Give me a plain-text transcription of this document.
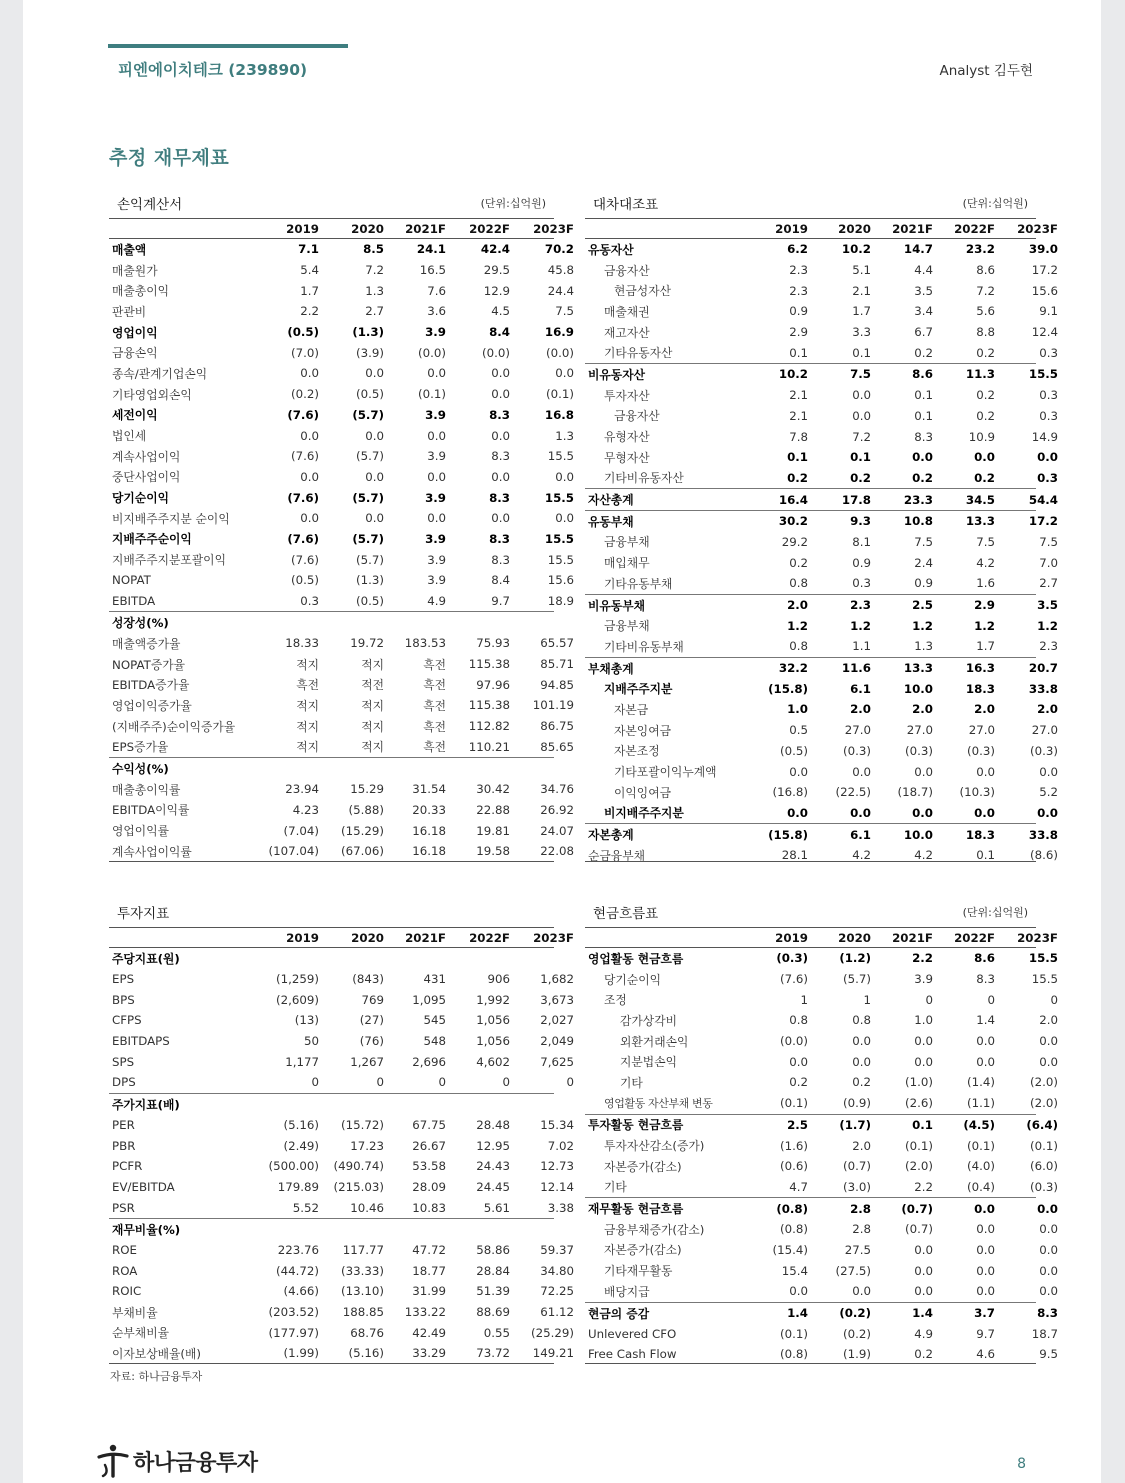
피엔에이치테크 (239890)	Analyst 김두현
추정 재무제표
손익계산서	(단위:십억원)
2019	2020	2021F	2022F	2023F
매출액	7.1	8.5	24.1	42.4	70.2
매출원가	5.4	7.2	16.5	29.5	45.8
매출총이익	1.7	1.3	7.6	12.9	24.4
판관비	2.2	2.7	3.6	4.5	7.5
영업이익	(0.5)	(1.3)	3.9	8.4	16.9
금융손익	(7.0)	(3.9)	(0.0)	(0.0)	(0.0)
종속/관계기업손익	0.0	0.0	0.0	0.0	0.0
기타영업외손익	(0.2)	(0.5)	(0.1)	0.0	(0.1)
세전이익	(7.6)	(5.7)	3.9	8.3	16.8
법인세	0.0	0.0	0.0	0.0	1.3
계속사업이익	(7.6)	(5.7)	3.9	8.3	15.5
중단사업이익	0.0	0.0	0.0	0.0	0.0
당기순이익	(7.6)	(5.7)	3.9	8.3	15.5
비지배주주지분 순이익	0.0	0.0	0.0	0.0	0.0
지배주주순이익	(7.6)	(5.7)	3.9	8.3	15.5
지배주주지분포괄이익	(7.6)	(5.7)	3.9	8.3	15.5
NOPAT	(0.5)	(1.3)	3.9	8.4	15.6
EBITDA	0.3	(0.5)	4.9	9.7	18.9
성장성(%)
매출액증가율	18.33	19.72	183.53	75.93	65.57
NOPAT증가율	적지	적지	흑전	115.38	85.71
EBITDA증가율	흑전	적전	흑전	97.96	94.85
영업이익증가율	적지	적지	흑전	115.38	101.19
(지배주주)순이익증가율	적지	적지	흑전	112.82	86.75
EPS증가율	적지	적지	흑전	110.21	85.65
수익성(%)
매출총이익률	23.94	15.29	31.54	30.42	34.76
EBITDA이익률	4.23	(5.88)	20.33	22.88	26.92
영업이익률	(7.04)	(15.29)	16.18	19.81	24.07
계속사업이익률	(107.04)	(67.06)	16.18	19.58	22.08
대차대조표	(단위:십억원)
2019	2020	2021F	2022F	2023F
유동자산	6.2	10.2	14.7	23.2	39.0
금융자산	2.3	5.1	4.4	8.6	17.2
현금성자산	2.3	2.1	3.5	7.2	15.6
매출채권	0.9	1.7	3.4	5.6	9.1
재고자산	2.9	3.3	6.7	8.8	12.4
기타유동자산	0.1	0.1	0.2	0.2	0.3
비유동자산	10.2	7.5	8.6	11.3	15.5
투자자산	2.1	0.0	0.1	0.2	0.3
금융자산	2.1	0.0	0.1	0.2	0.3
유형자산	7.8	7.2	8.3	10.9	14.9
무형자산	0.1	0.1	0.0	0.0	0.0
기타비유동자산	0.2	0.2	0.2	0.2	0.3
자산총계	16.4	17.8	23.3	34.5	54.4
유동부채	30.2	9.3	10.8	13.3	17.2
금융부채	29.2	8.1	7.5	7.5	7.5
매입채무	0.2	0.9	2.4	4.2	7.0
기타유동부채	0.8	0.3	0.9	1.6	2.7
비유동부채	2.0	2.3	2.5	2.9	3.5
금융부채	1.2	1.2	1.2	1.2	1.2
기타비유동부채	0.8	1.1	1.3	1.7	2.3
부채총계	32.2	11.6	13.3	16.3	20.7
지배주주지분	(15.8)	6.1	10.0	18.3	33.8
자본금	1.0	2.0	2.0	2.0	2.0
자본잉여금	0.5	27.0	27.0	27.0	27.0
자본조정	(0.5)	(0.3)	(0.3)	(0.3)	(0.3)
기타포괄이익누계액	0.0	0.0	0.0	0.0	0.0
이익잉여금	(16.8)	(22.5)	(18.7)	(10.3)	5.2
비지배주주지분	0.0	0.0	0.0	0.0	0.0
자본총계	(15.8)	6.1	10.0	18.3	33.8
순금융부채	28.1	4.2	4.2	0.1	(8.6)
투자지표
2019	2020	2021F	2022F	2023F
주당지표(원)
EPS	(1,259)	(843)	431	906	1,682
BPS	(2,609)	769	1,095	1,992	3,673
CFPS	(13)	(27)	545	1,056	2,027
EBITDAPS	50	(76)	548	1,056	2,049
SPS	1,177	1,267	2,696	4,602	7,625
DPS	0	0	0	0	0
주가지표(배)
PER	(5.16)	(15.72)	67.75	28.48	15.34
PBR	(2.49)	17.23	26.67	12.95	7.02
PCFR	(500.00)	(490.74)	53.58	24.43	12.73
EV/EBITDA	179.89	(215.03)	28.09	24.45	12.14
PSR	5.52	10.46	10.83	5.61	3.38
재무비율(%)
ROE	223.76	117.77	47.72	58.86	59.37
ROA	(44.72)	(33.33)	18.77	28.84	34.80
ROIC	(4.66)	(13.10)	31.99	51.39	72.25
부채비율	(203.52)	188.85	133.22	88.69	61.12
순부채비율	(177.97)	68.76	42.49	0.55	(25.29)
이자보상배율(배)	(1.99)	(5.16)	33.29	73.72	149.21
현금흐름표	(단위:십억원)
2019	2020	2021F	2022F	2023F
영업활동 현금흐름	(0.3)	(1.2)	2.2	8.6	15.5
당기순이익	(7.6)	(5.7)	3.9	8.3	15.5
조정	1	1	0	0	0
감가상각비	0.8	0.8	1.0	1.4	2.0
외환거래손익	(0.0)	0.0	0.0	0.0	0.0
지분법손익	0.0	0.0	0.0	0.0	0.0
기타	0.2	0.2	(1.0)	(1.4)	(2.0)
영업활동 자산부채 변동	(0.1)	(0.9)	(2.6)	(1.1)	(2.0)
투자활동 현금흐름	2.5	(1.7)	0.1	(4.5)	(6.4)
투자자산감소(증가)	(1.6)	2.0	(0.1)	(0.1)	(0.1)
자본증가(감소)	(0.6)	(0.7)	(2.0)	(4.0)	(6.0)
기타	4.7	(3.0)	2.2	(0.4)	(0.3)
재무활동 현금흐름	(0.8)	2.8	(0.7)	0.0	0.0
금융부채증가(감소)	(0.8)	2.8	(0.7)	0.0	0.0
자본증가(감소)	(15.4)	27.5	0.0	0.0	0.0
기타재무활동	15.4	(27.5)	0.0	0.0	0.0
배당지급	0.0	0.0	0.0	0.0	0.0
현금의 증감	1.4	(0.2)	1.4	3.7	8.3
Unlevered CFO	(0.1)	(0.2)	4.9	9.7	18.7
Free Cash Flow	(0.8)	(1.9)	0.2	4.6	9.5
자료: 하나금융투자
하나금융투자	8
